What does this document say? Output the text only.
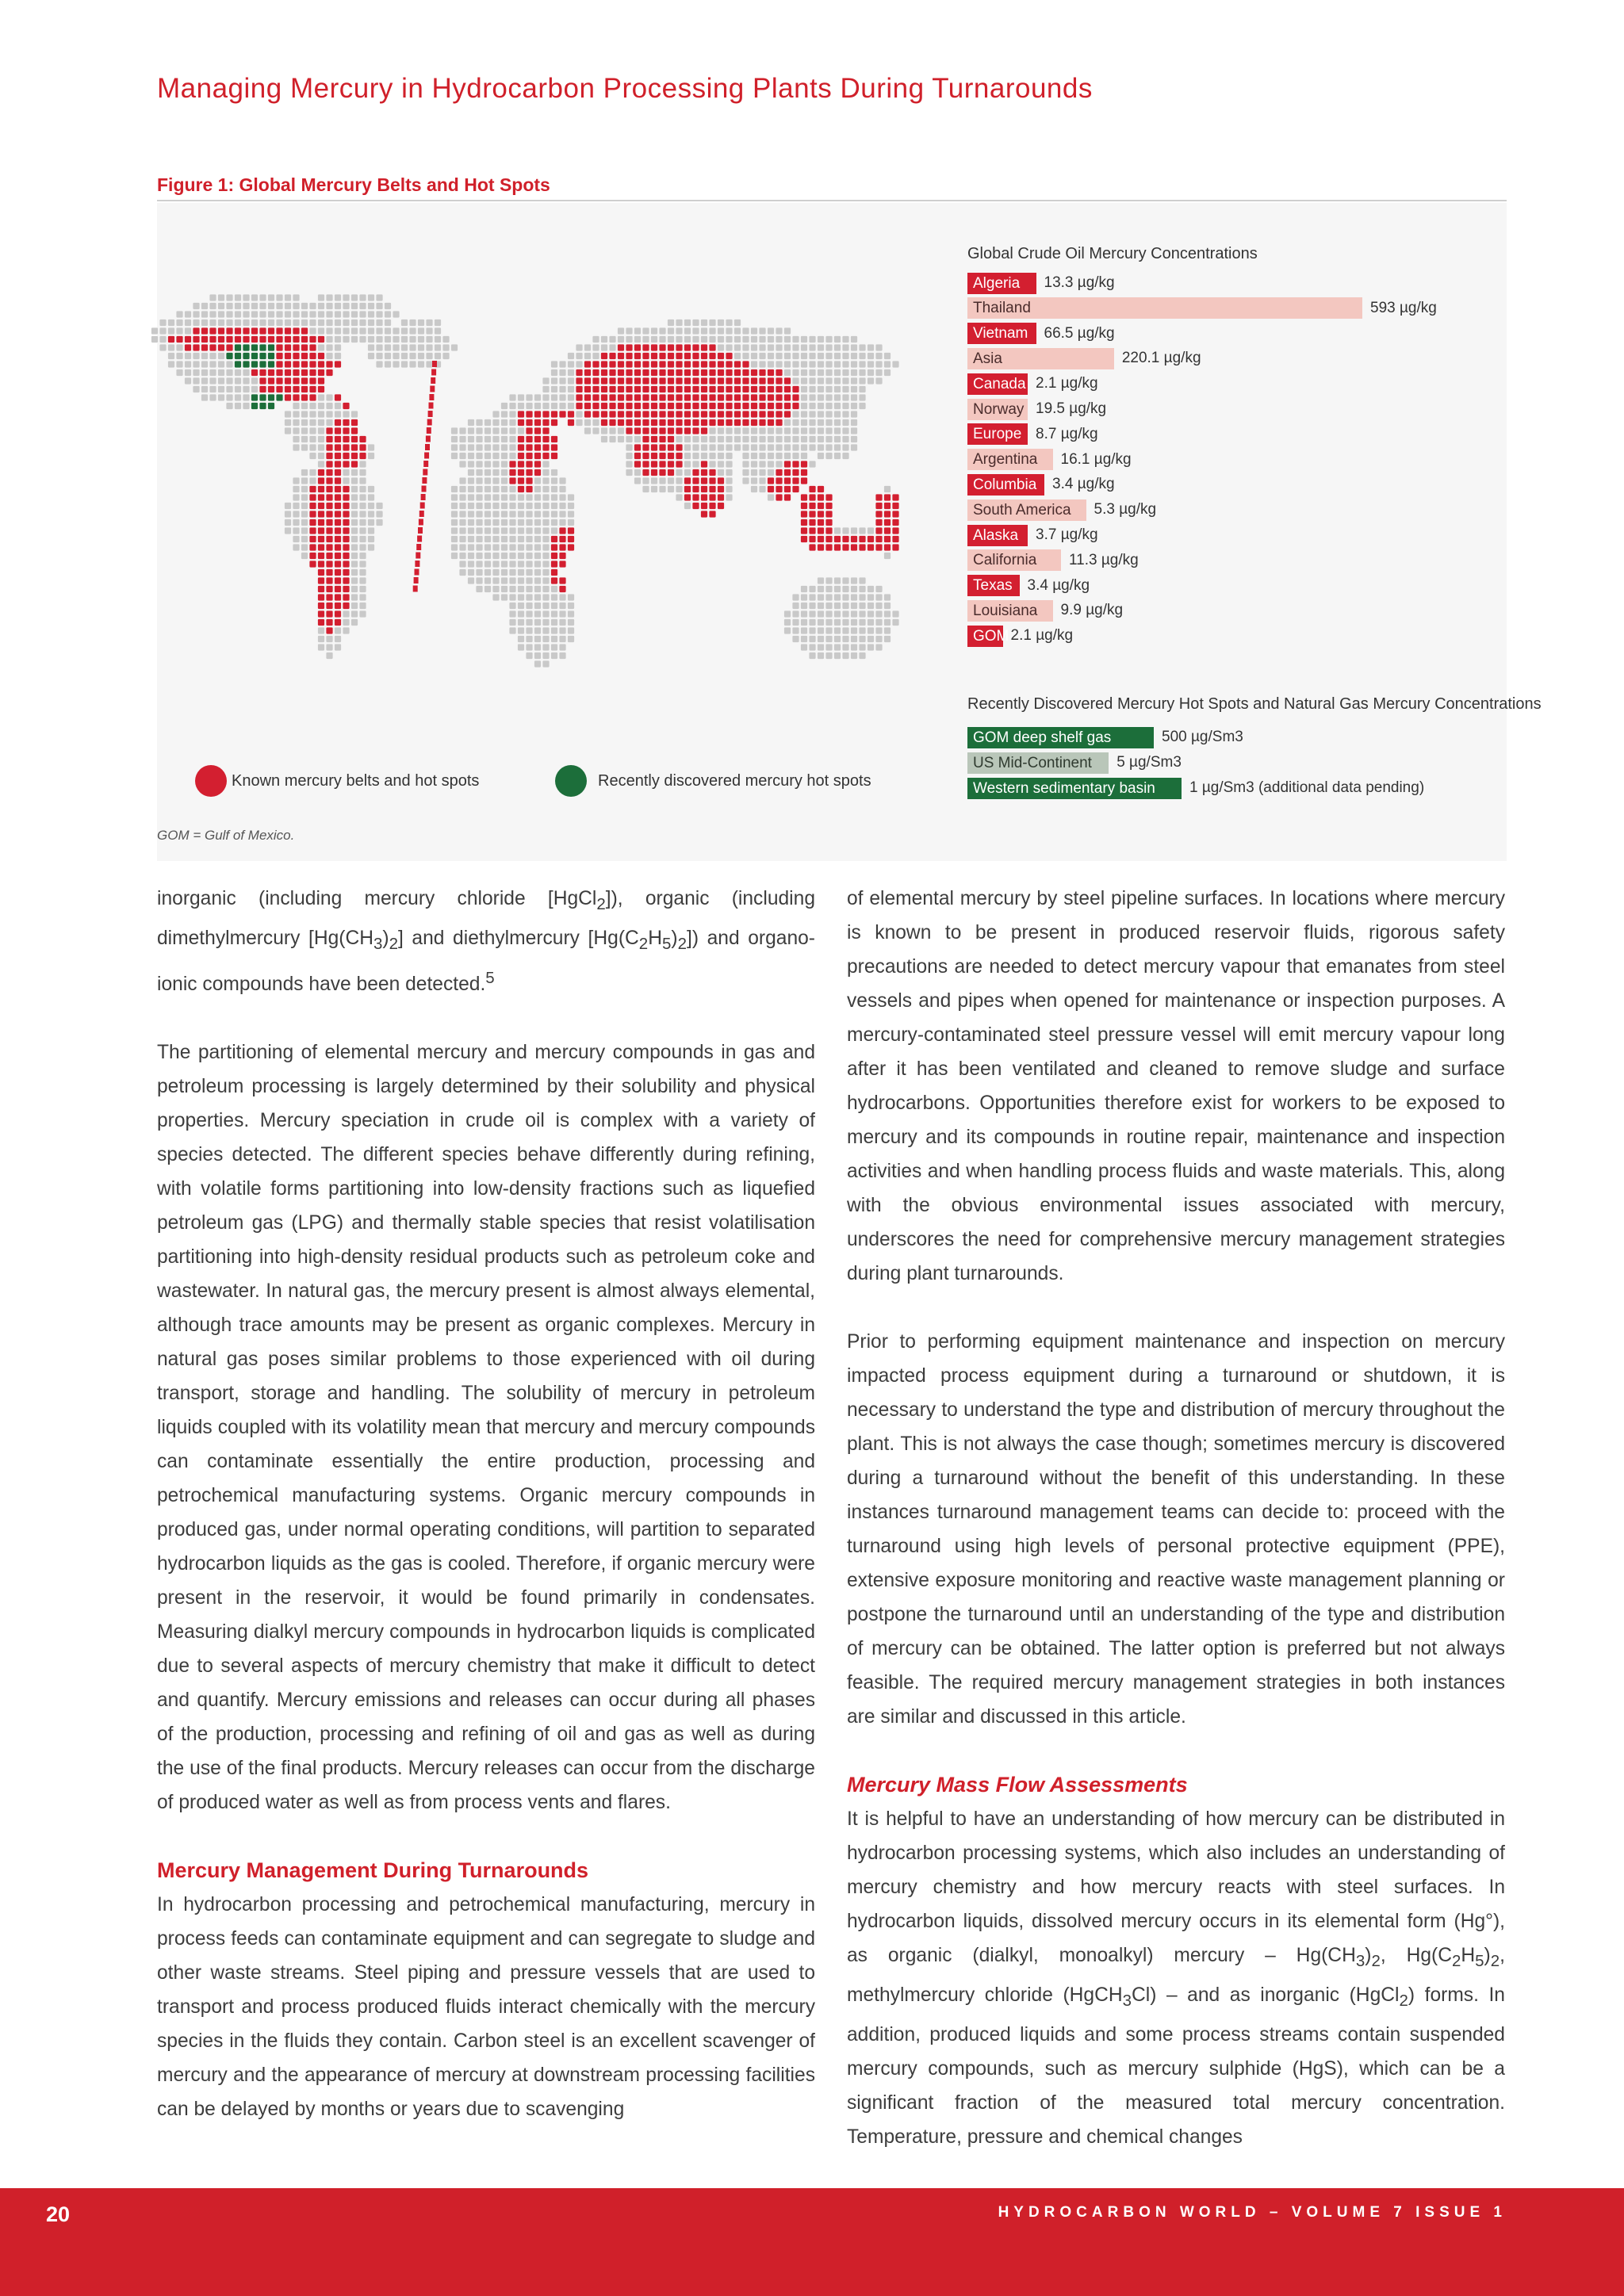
Managing Mercury in Hydrocarbon Processing Plants During Turnarounds
Figure 1: Global Mercury Belts and Hot Spots
Known mercury belts and hot spots	Recently discovered mercury hot spots
Global Crude Oil Mercury Concentrations
Algeria 13.3 µg/kg
Thailand	593 µg/kg
Vietnam 66.5 µg/kg
Asia	220.1 µg/kg
Canada 2.1 µg/kg
Norway 19.5 µg/kg
Europe 8.7 µg/kg
Argentina 16.1 µg/kg
Columbia 3.4 µg/kg
South America 5.3 µg/kg
Alaska 3.7 µg/kg
California 11.3 µg/kg
Texas 3.4 µg/kg
Louisiana 9.9 µg/kg
GOM 2.1 µg/kg
Recently Discovered Mercury Hot Spots and Natural Gas Mercury Concentrations
GOM deep shelf gas	500 µg/Sm3
US Mid-Continent 5 µg/Sm3
Western sedimentary basin 1 µg/Sm3 (additional data pending)
GOM = Gulf of Mexico.

inorganic (including mercury chloride [HgCl$_2$]), organic (including dimethylmercury $[Hg(CH_3)_2]$ and diethylmercury $[Hg(C_2H_5)_2]$) and organo-ionic compounds have been detected.$^5$

The partitioning of elemental mercury and mercury compounds in gas and petroleum processing is largely determined by their solubility and physical properties. Mercury speciation in crude oil is complex with a variety of species detected. The different species behave differently during refining, with volatile forms partitioning into low-density fractions such as liquefied petroleum gas (LPG) and thermally stable species that resist volatilisation partitioning into high-density residual products such as petroleum coke and wastewater. In natural gas, the mercury present is almost always elemental, although trace amounts may be present as organic complexes. Mercury in natural gas poses similar problems to those experienced with oil during transport, storage and handling. The solubility of mercury in petroleum liquids coupled with its volatility mean that mercury and mercury compounds can contaminate essentially the entire production, processing and petrochemical manufacturing systems. Organic mercury compounds in produced gas, under normal operating conditions, will partition to separated hydrocarbon liquids as the gas is cooled. Therefore, if organic mercury were present in the reservoir, it would be found primarily in condensates. Measuring dialkyl mercury compounds in hydrocarbon liquids is complicated due to several aspects of mercury chemistry that make it difficult to detect and quantify. Mercury emissions and releases can occur during all phases of the production, processing and refining of oil and gas as well as during the use of the final products. Mercury releases can occur from the discharge of produced water as well as from process vents and flares.

Mercury Management During Turnarounds

In hydrocarbon processing and petrochemical manufacturing, mercury in process feeds can contaminate equipment and can segregate to sludge and other waste streams. Steel piping and pressure vessels that are used to transport and process produced fluids interact chemically with the mercury species in the fluids they contain. Carbon steel is an excellent scavenger of mercury and the appearance of mercury at downstream processing facilities can be delayed by months or years due to scavenging

of elemental mercury by steel pipeline surfaces. In locations where mercury is known to be present in produced reservoir fluids, rigorous safety precautions are needed to detect mercury vapour that emanates from steel vessels and pipes when opened for maintenance or inspection purposes. A mercury-contaminated steel pressure vessel will emit mercury vapour long after it has been ventilated and cleaned to remove sludge and surface hydrocarbons. Opportunities therefore exist for workers to be exposed to mercury and its compounds in routine repair, maintenance and inspection activities and when handling process fluids and waste materials. This, along with the obvious environmental issues associated with mercury, underscores the need for comprehensive mercury management strategies during plant turnarounds.

Prior to performing equipment maintenance and inspection on mercury impacted process equipment during a turnaround or shutdown, it is necessary to understand the type and distribution of mercury throughout the plant. This is not always the case though; sometimes mercury is discovered during a turnaround without the benefit of this understanding. In these instances turnaround management teams can decide to: proceed with the turnaround using high levels of personal protective equipment (PPE), extensive exposure monitoring and reactive waste management planning or postpone the turnaround until an understanding of the type and distribution of mercury can be obtained. The latter option is preferred but not always feasible. The required mercury management strategies in both instances are similar and discussed in this article.

Mercury Mass Flow Assessments

It is helpful to have an understanding of how mercury can be distributed in hydrocarbon processing systems, which also includes an understanding of mercury chemistry and how mercury reacts with steel surfaces. In hydrocarbon liquids, dissolved mercury occurs in its elemental form (Hg°), as organic (dialkyl, monoalkyl) mercury – $Hg(CH_3)_2$, $Hg(C_2H_5)_2$, methylmercury chloride (HgCH$_3$Cl) – and as inorganic (HgCl$_2$) forms. In addition, produced liquids and some process streams contain suspended mercury compounds, such as mercury sulphide (HgS), which can be a significant fraction of the measured total mercury concentration. Temperature, pressure and chemical changes

20	HYDROCARBON WORLD – VOLUME 7 ISSUE 1
